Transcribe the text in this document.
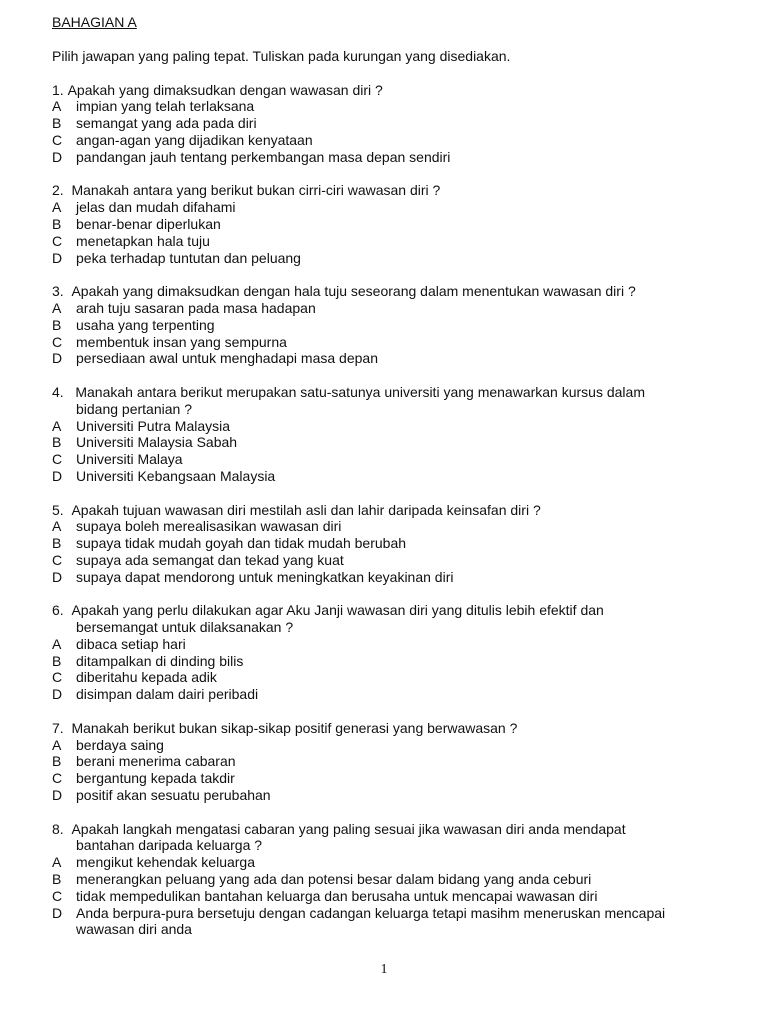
BAHAGIAN A
Pilih jawapan yang paling tepat. Tuliskan pada kurungan yang disediakan.
1. Apakah yang dimaksudkan dengan wawasan diri ?
A	impian yang telah terlaksana
B	semangat yang ada pada diri
C angan-agan yang dijadikan kenyataan
D pandangan jauh tentang perkembangan masa depan sendiri
2. Manakah antara yang berikut bukan cirri-ciri wawasan diri ?
A	jelas dan mudah difahami
B	benar-benar diperlukan
C menetapkan hala tuju
D peka terhadap tuntutan dan peluang
3. Apakah yang dimaksudkan dengan hala tuju seseorang dalam menentukan wawasan diri ?
A	arah tuju sasaran pada masa hadapan
B	usaha yang terpenting
C membentuk insan yang sempurna
D persediaan awal untuk menghadapi masa depan
4. Manakah antara berikut merupakan satu-satunya universiti yang menawarkan kursus dalam
bidang pertanian ?
A	Universiti Putra Malaysia
B	Universiti Malaysia Sabah
C Universiti Malaya
D Universiti Kebangsaan Malaysia
5. Apakah tujuan wawasan diri mestilah asli dan lahir daripada keinsafan diri ?
A	supaya boleh merealisasikan wawasan diri
B	supaya tidak mudah goyah dan tidak mudah berubah
C supaya ada semangat dan tekad yang kuat
D supaya dapat mendorong untuk meningkatkan keyakinan diri
6. Apakah yang perlu dilakukan agar Aku Janji wawasan diri yang ditulis lebih efektif dan
bersemangat untuk dilaksanakan ?
A	dibaca setiap hari
B	ditampalkan di dinding bilis
C diberitahu kepada adik
D disimpan dalam dairi peribadi
7. Manakah berikut bukan sikap-sikap positif generasi yang berwawasan ?
A	berdaya saing
B	berani menerima cabaran
C bergantung kepada takdir
D positif akan sesuatu perubahan
8. Apakah langkah mengatasi cabaran yang paling sesuai jika wawasan diri anda mendapat
bantahan daripada keluarga ?
A	mengikut kehendak keluarga
B	menerangkan peluang yang ada dan potensi besar dalam bidang yang anda ceburi
C tidak mempedulikan bantahan keluarga dan berusaha untuk mencapai wawasan diri
D Anda berpura-pura bersetuju dengan cadangan keluarga tetapi masihm meneruskan mencapai
wawasan diri anda
1
